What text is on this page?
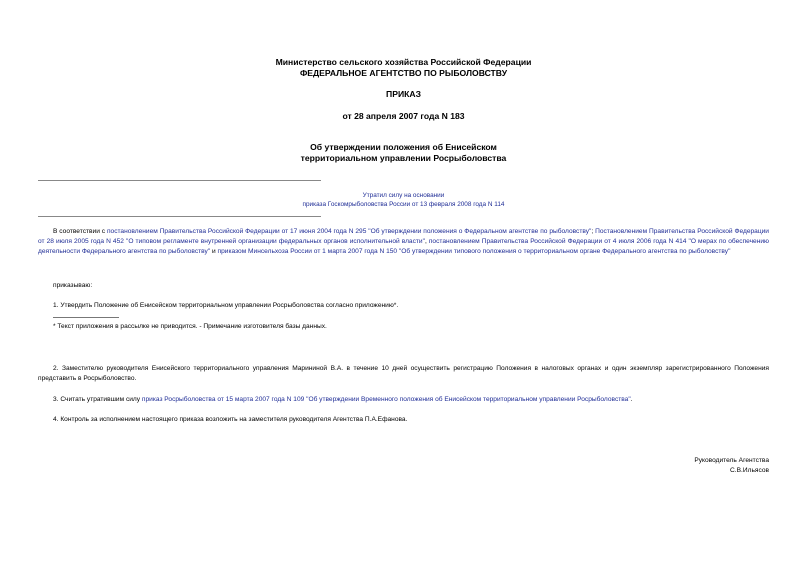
Министерство сельского хозяйства Российской Федерации
ФЕДЕРАЛЬНОЕ АГЕНТСТВО ПО РЫБОЛОВСТВУ
ПРИКАЗ
от 28 апреля 2007 года N 183
Об утверждении положения об Енисейском
территориальном управлении Росрыболовства
Утратил силу на основании
приказа Госкомрыболовства России от 13 февраля 2008 года N 114

В соответствии с постановлением Правительства Российской Федерации от 17 июня 2004 года N 295 "Об утверждении положения о Федеральном агентстве по рыболовству"; Постановлением Правительства Российской Федерации от 28 июля 2005 года N 452 "О типовом регламенте внутренней организации федеральных органов исполнительной власти", постановлением Правительства Российской Федерации от 4 июля 2006 года N 414 "О мерах по обеспечению деятельности Федерального агентства по рыболовству" и приказом Минсельхоза России от 1 марта 2007 года N 150 "Об утверждении типового положения о территориальном органе Федерального агентства по рыболовству"

приказываю:

1. Утвердить Положение об Енисейском территориальном управлении Росрыболовства согласно приложению*.

* Текст приложения в рассылке не приводится. - Примечание изготовителя базы данных.

2. Заместителю руководителя Енисейского территориального управления Марининой В.А. в течение 10 дней осуществить регистрацию Положения в налоговых органах и один экземпляр зарегистрированного Положения представить в Росрыболовство.

3. Считать утратившим силу приказ Росрыболовства от 15 марта 2007 года N 109 "Об утверждении Временного положения об Енисейском территориальном управлении Росрыболовства".

4. Контроль за исполнением настоящего приказа возложить на заместителя руководителя Агентства П.А.Ефанова.

Руководитель Агентства
С.В.Ильясов
